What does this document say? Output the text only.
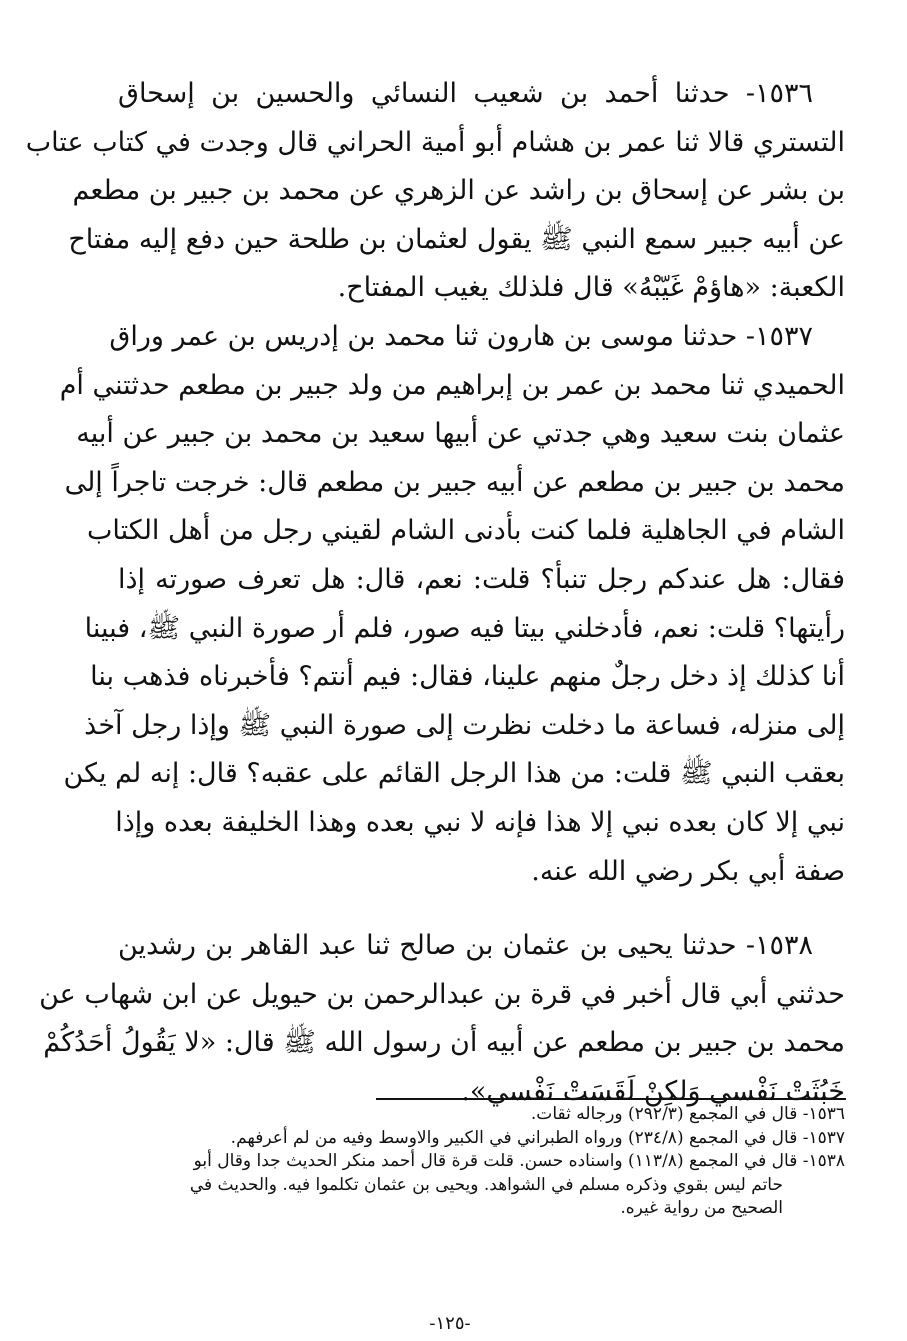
١٥٣٦- حدثنا أحمد بن شعيب النسائي والحسين بن إسحاق
التستري قالا ثنا عمر بن هشام أبو أمية الحراني قال وجدت في كتاب عتاب
بن بشر عن إسحاق بن راشد عن الزهري عن محمد بن جبير بن مطعم
عن أبيه جبير سمع النبي ﷺ يقول لعثمان بن طلحة حين دفع إليه مفتاح
الكعبة: «هاؤمْ غَيّبْهُ» قال فلذلك يغيب المفتاح.
١٥٣٧- حدثنا موسى بن هارون ثنا محمد بن إدريس بن عمر وراق
الحميدي ثنا محمد بن عمر بن إبراهيم من ولد جبير بن مطعم حدثتني أم
عثمان بنت سعيد وهي جدتي عن أبيها سعيد بن محمد بن جبير عن أبيه
محمد بن جبير بن مطعم عن أبيه جبير بن مطعم قال: خرجت تاجراً إلى
الشام في الجاهلية فلما كنت بأدنى الشام لقيني رجل من أهل الكتاب
فقال: هل عندكم رجل تنبأ؟ قلت: نعم، قال: هل تعرف صورته إذا
رأيتها؟ قلت: نعم، فأدخلني بيتا فيه صور، فلم أر صورة النبي ﷺ، فبينا
أنا كذلك إذ دخل رجلٌ منهم علينا، فقال: فيم أنتم؟ فأخبرناه فذهب بنا
إلى منزله، فساعة ما دخلت نظرت إلى صورة النبي ﷺ وإذا رجل آخذ
بعقب النبي ﷺ قلت: من هذا الرجل القائم على عقبه؟ قال: إنه لم يكن
نبي إلا كان بعده نبي إلا هذا فإنه لا نبي بعده وهذا الخليفة بعده وإذا
صفة أبي بكر رضي الله عنه.
١٥٣٨- حدثنا يحيى بن عثمان بن صالح ثنا عبد القاهر بن رشدين
حدثني أبي قال أخبر في قرة بن عبدالرحمن بن حيويل عن ابن شهاب عن
محمد بن جبير بن مطعم عن أبيه أن رسول الله ﷺ قال: «لا يَقُولُ أحَدُكُمْ
خَبُثَتْ نَفْسي وَلكِنْ لَقَسَتْ نَفْسي».
١٥٣٦- قال في المجمع (٢٩٢/٣) ورجاله ثقات.
١٥٣٧- قال في المجمع (٢٣٤/٨) ورواه الطبراني في الكبير والاوسط وفيه من لم أعرفهم.
١٥٣٨- قال في المجمع (١١٣/٨) واسناده حسن. قلت قرة قال أحمد منكر الحديث جدا وقال أبو
حاتم ليس بقوي وذكره مسلم في الشواهد. ويحيى بن عثمان تكلموا فيه. والحديث في
الصحيح من رواية غيره.
-١٢٥-
